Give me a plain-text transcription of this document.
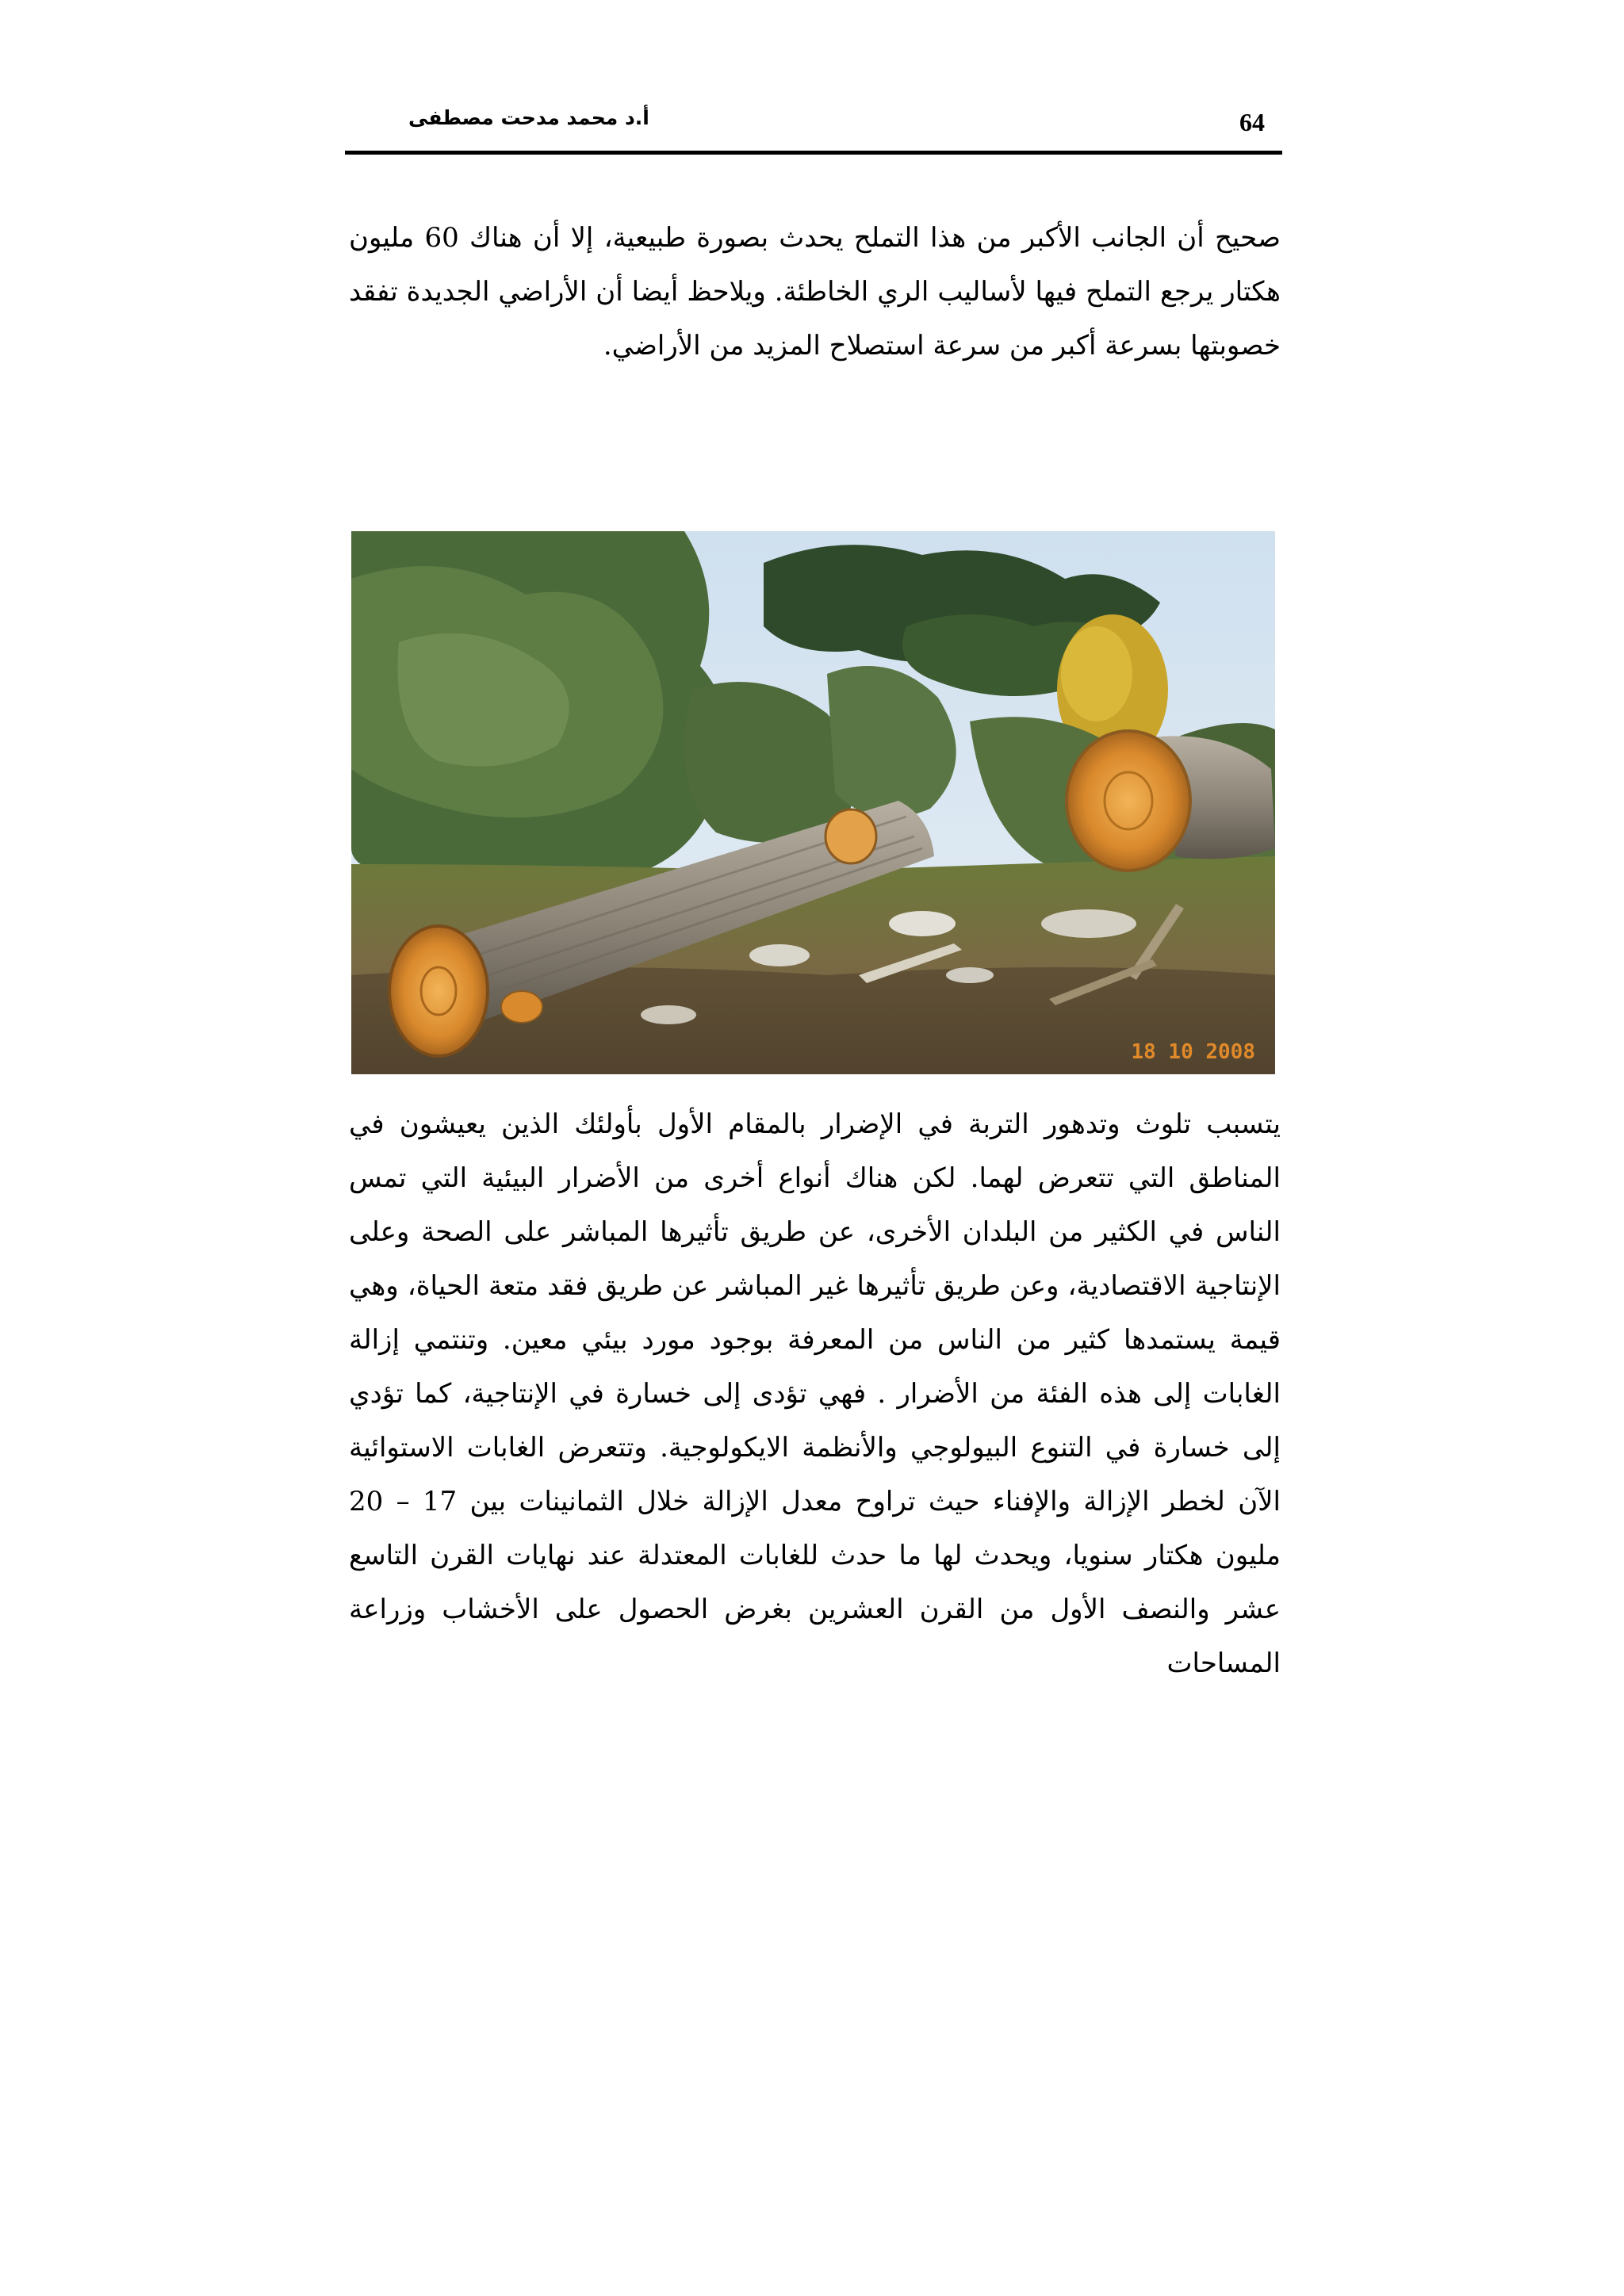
64
أ.د محمد مدحت مصطفى

صحيح أن الجانب الأكبر من هذا التملح يحدث بصورة طبيعية، إلا أن هناك 60 مليون هكتار يرجع التملح فيها لأساليب الري الخاطئة. ويلاحظ أيضا أن الأراضي الجديدة تفقد خصوبتها بسرعة أكبر من سرعة استصلاح المزيد من الأراضي.

18 10 2008

يتسبب تلوث وتدهور التربة في الإضرار بالمقام الأول بأولئك الذين يعيشون في المناطق التي تتعرض لهما. لكن هناك أنواع أخرى من الأضرار البيئية التي تمس الناس في الكثير من البلدان الأخرى، عن طريق تأثيرها المباشر على الصحة وعلى الإنتاجية الاقتصادية، وعن طريق تأثيرها غير المباشر عن طريق فقد متعة الحياة، وهي قيمة يستمدها كثير من الناس من المعرفة بوجود مورد بيئي معين. وتنتمي إزالة الغابات إلى هذه الفئة من الأضرار . فهي تؤدى إلى خسارة في الإنتاجية، كما تؤدي إلى خسارة في التنوع البيولوجي والأنظمة الايكولوجية. وتتعرض الغابات الاستوائية الآن لخطر الإزالة والإفناء حيث تراوح معدل الإزالة خلال الثمانينات بين 17 – 20 مليون هكتار سنويا، ويحدث لها ما حدث للغابات المعتدلة عند نهايات القرن التاسع عشر والنصف الأول من القرن العشرين بغرض الحصول على الأخشاب وزراعة المساحات
